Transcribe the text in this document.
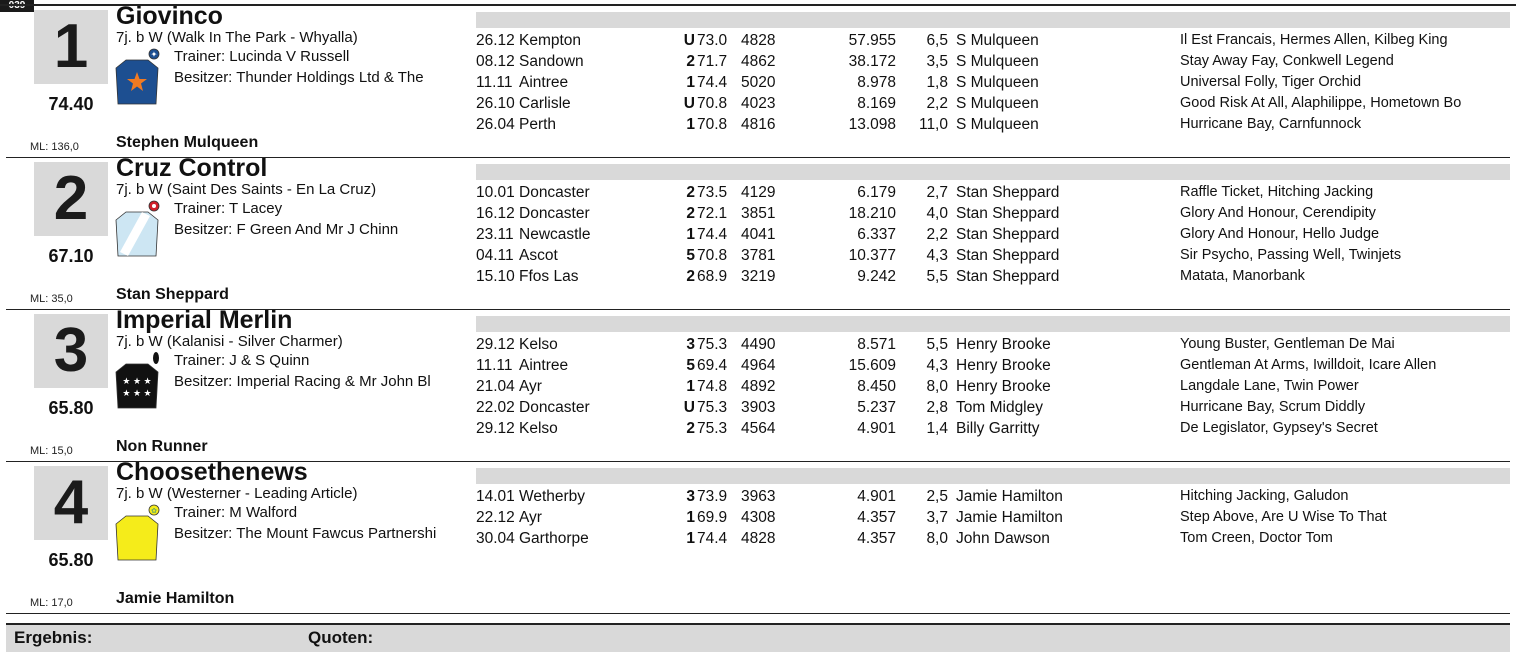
1
74.40
ML: 136,0
Giovinco
7j. b W (Walk In The Park - Whyalla)
✦ Trainer: Lucinda V Russell
Besitzer: Thunder Holdings Ltd & The
Stephen Mulqueen
26.12 Kempton	U 73.0 4828	57.955	6,5 S Mulqueen	Il Est Francais, Hermes Allen, Kilbeg King
08.12 Sandown	2 71.7 4862	38.172	3,5 S Mulqueen	Stay Away Fay, Conkwell Legend
11.11 Aintree	1 74.4 5020	8.978	1,8 S Mulqueen	Universal Folly, Tiger Orchid
26.10 Carlisle	U 70.8 4023	8.169	2,2 S Mulqueen	Good Risk At All, Alaphilippe, Hometown Bo
26.04 Perth	1 70.8 4816	13.098	11,0 S Mulqueen	Hurricane Bay, Carnfunnock
2
67.10
ML: 35,0
Cruz Control
7j. b W (Saint Des Saints - En La Cruz)
Trainer: T Lacey
Besitzer: F Green And Mr J Chinn
Stan Sheppard
10.01 Doncaster	2 73.5 4129	6.179	2,7 Stan Sheppard	Raffle Ticket, Hitching Jacking
16.12 Doncaster	2 72.1 3851	18.210	4,0 Stan Sheppard	Glory And Honour, Cerendipity
23.11 Newcastle	1 74.4 4041	6.337	2,2 Stan Sheppard	Glory And Honour, Hello Judge
04.11 Ascot	5 70.8 3781	10.377	4,3 Stan Sheppard	Sir Psycho, Passing Well, Twinjets
15.10 Ffos Las	2 68.9 3219	9.242	5,5 Stan Sheppard	Matata, Manorbank
3
65.80
ML: 15,0
Imperial Merlin
7j. b W (Kalanisi - Silver Charmer)
★ ★ ★
★ ★ ★
Trainer: J & S Quinn
Besitzer: Imperial Racing & Mr John Bl
Non Runner
29.12 Kelso	3 75.3 4490	8.571	5,5 Henry Brooke	Young Buster, Gentleman De Mai
11.11 Aintree	5 69.4 4964	15.609	4,3 Henry Brooke	Gentleman At Arms, Iwilldoit, Icare Allen
21.04 Ayr	1 74.8 4892	8.450	8,0 Henry Brooke	Langdale Lane, Twin Power
22.02 Doncaster	U 75.3 3903	5.237	2,8 Tom Midgley	Hurricane Bay, Scrum Diddly
29.12 Kelso	2 75.3 4564	4.901	1,4 Billy Garritty	De Legislator, Gypsey's Secret
4
65.80
ML: 17,0
Choosethenews
7j. b W (Westerner - Leading Article)
✿ Trainer: M Walford
Besitzer: The Mount Fawcus Partnershi
Jamie Hamilton
14.01 Wetherby	3 73.9 3963	4.901	2,5 Jamie Hamilton	Hitching Jacking, Galudon
22.12 Ayr	1 69.9 4308	4.357	3,7 Jamie Hamilton	Step Above, Are U Wise To That
30.04 Garthorpe	1 74.4 4828	4.357	8,0 John Dawson	Tom Creen, Doctor Tom
Ergebnis:	Quoten:
